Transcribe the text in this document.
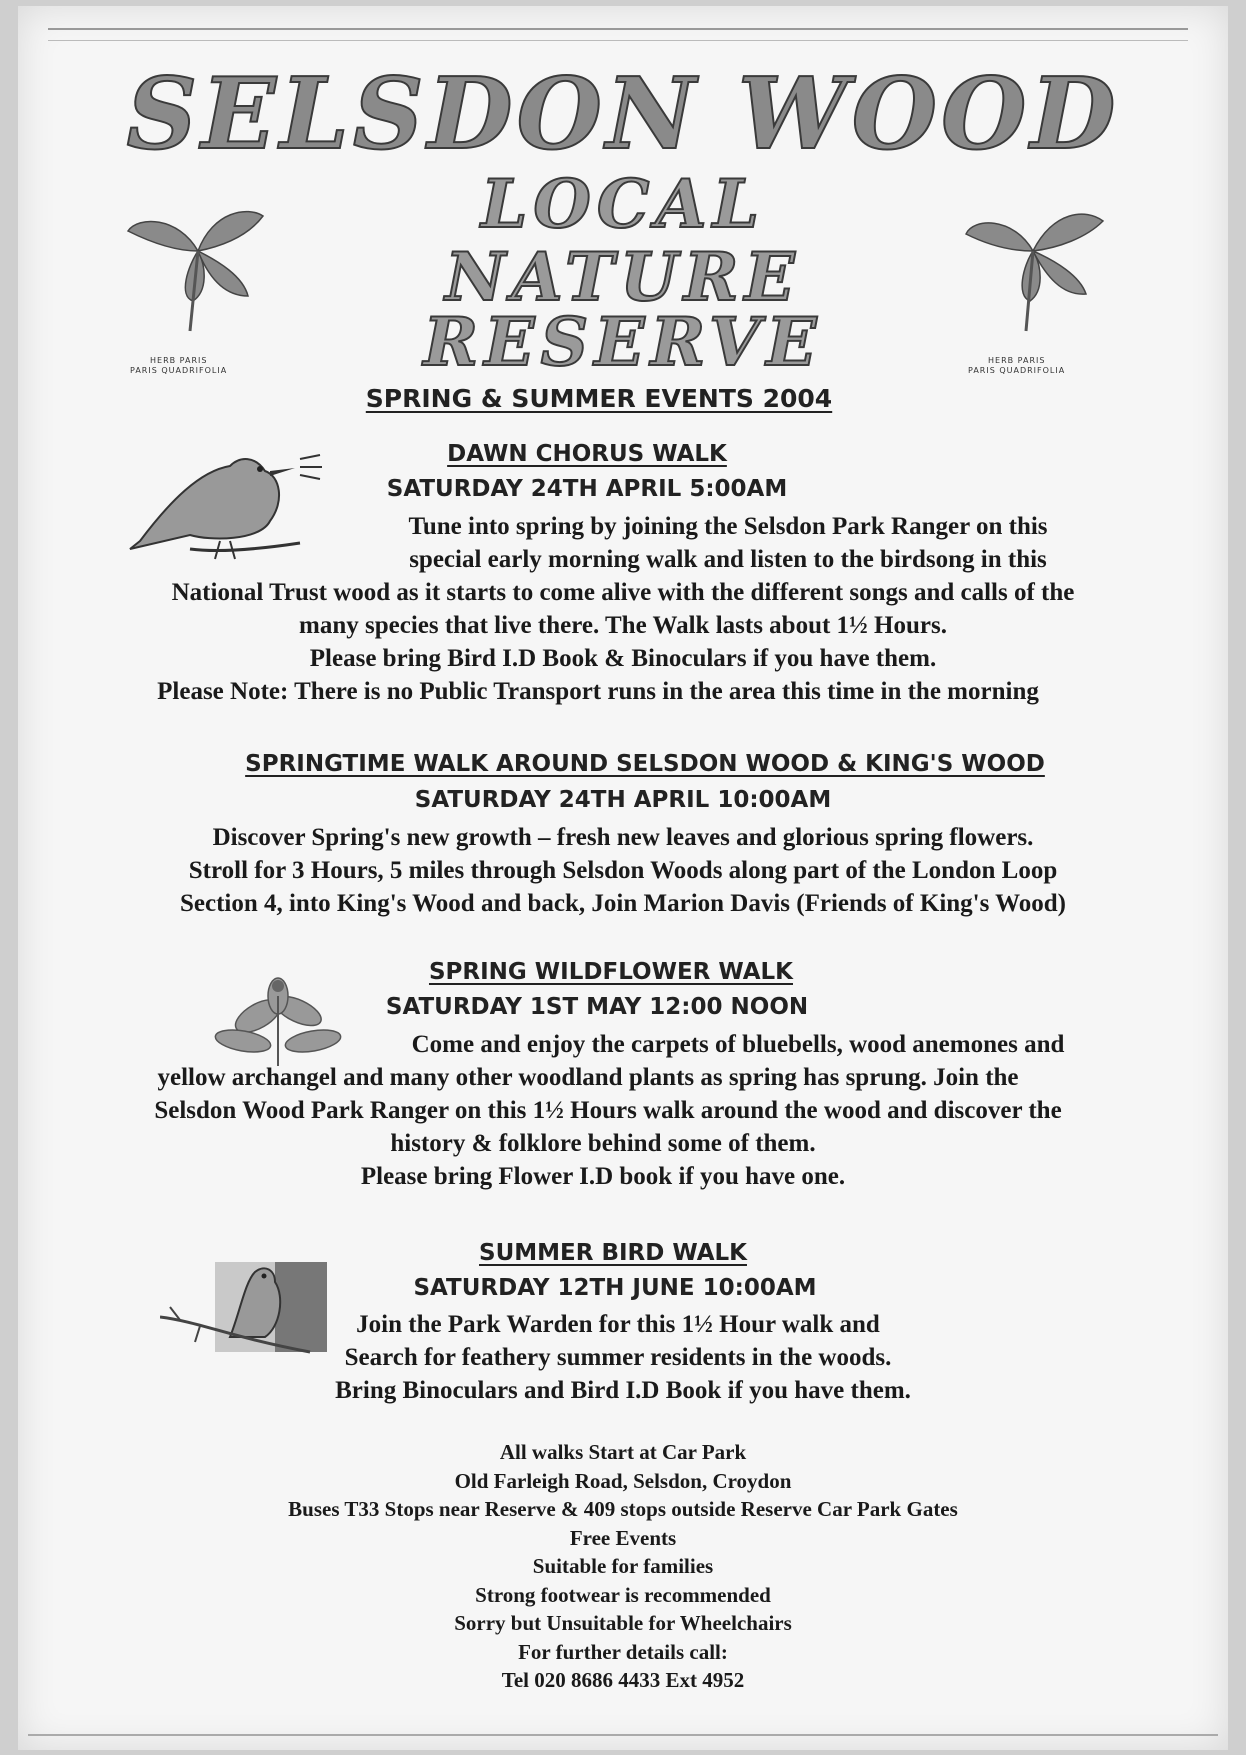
SELSDON WOOD
LOCAL
NATURE
RESERVE
HERB PARIS
PARIS QUADRIFOLIA
HERB PARIS
PARIS QUADRIFOLIA
SPRING & SUMMER EVENTS 2004
DAWN CHORUS WALK
SATURDAY 24TH APRIL 5:00AM
Tune into spring by joining the Selsdon Park Ranger on this
special early morning walk and listen to the birdsong in this
National Trust wood as it starts to come alive with the different songs and calls of the
many species that live there. The Walk lasts about 1½ Hours.
Please bring Bird I.D Book & Binoculars if you have them.
Please Note: There is no Public Transport runs in the area this time in the morning
SPRINGTIME WALK AROUND SELSDON WOOD & KING'S WOOD
SATURDAY 24TH APRIL 10:00AM
Discover Spring's new growth – fresh new leaves and glorious spring flowers.
Stroll for 3 Hours, 5 miles through Selsdon Woods along part of the London Loop
Section 4, into King's Wood and back, Join Marion Davis (Friends of King's Wood)
SPRING WILDFLOWER WALK
SATURDAY 1ST MAY 12:00 NOON
Come and enjoy the carpets of bluebells, wood anemones and
yellow archangel and many other woodland plants as spring has sprung. Join the
Selsdon Wood Park Ranger on this 1½ Hours walk around the wood and discover the
history & folklore behind some of them.
Please bring Flower I.D book if you have one.
SUMMER BIRD WALK
SATURDAY 12TH JUNE 10:00AM
Join the Park Warden for this 1½ Hour walk and
Search for feathery summer residents in the woods.
Bring Binoculars and Bird I.D Book if you have them.
All walks Start at Car Park
Old Farleigh Road, Selsdon, Croydon
Buses T33 Stops near Reserve & 409 stops outside Reserve Car Park Gates
Free Events
Suitable for families
Strong footwear is recommended
Sorry but Unsuitable for Wheelchairs
For further details call:
Tel 020 8686 4433 Ext 4952
